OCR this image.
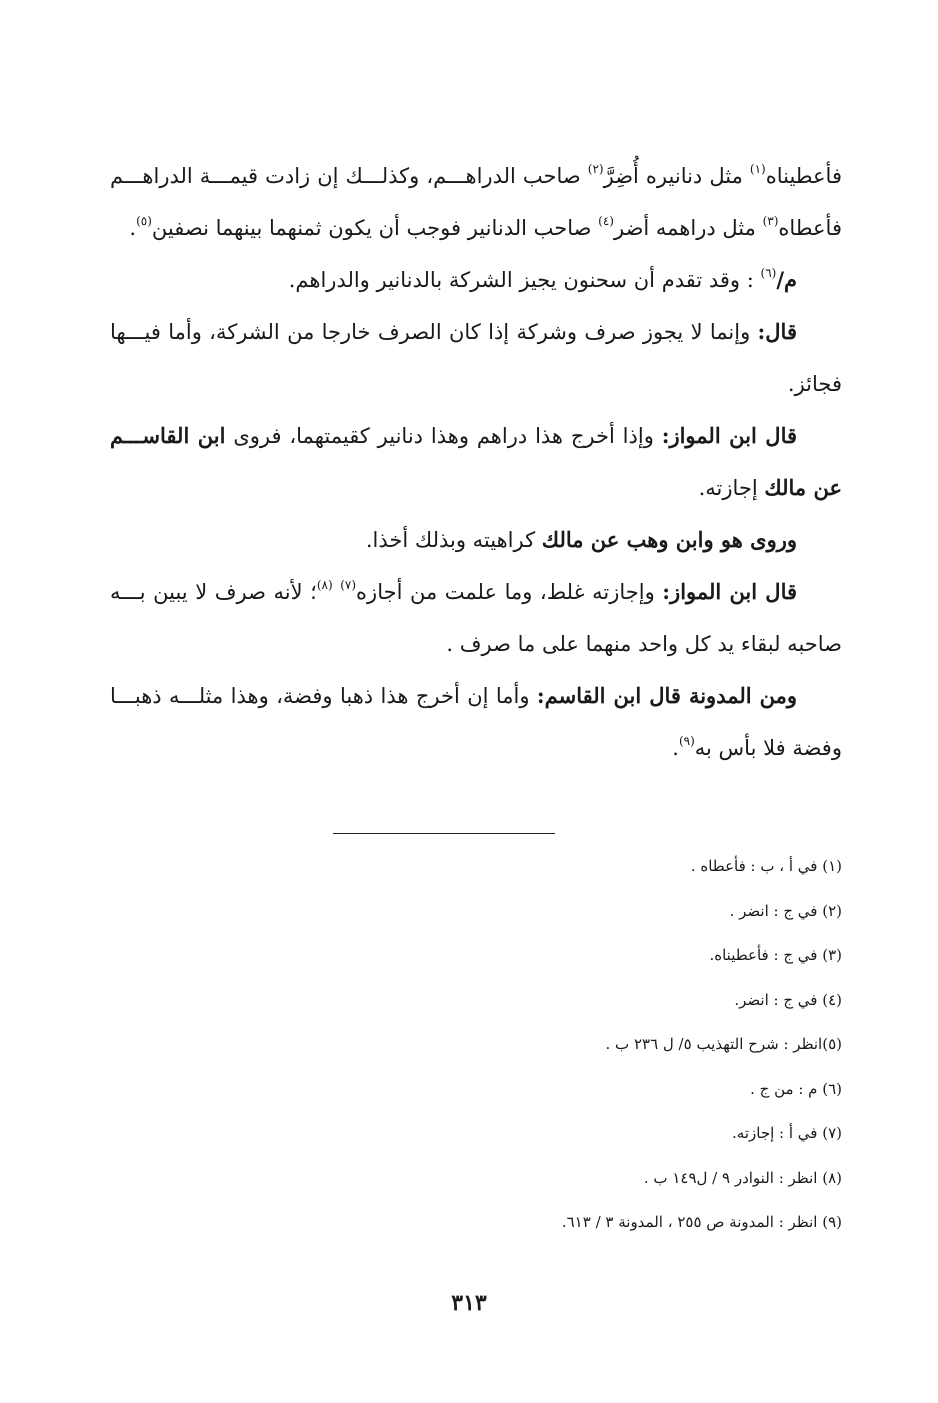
فأعطيناه$^{(١)}$ مثل دنانيره أُضِرَّ$^{(٢)}$ صاحب الدراهـــم، وكذلـــك إن زادت قيمـــة الدراهـــم فأعطاه$^{(٣)}$ مثل دراهمه أضر$^{(٤)}$ صاحب الدنانير فوجب أن يكون ثمنهما بينهما نصفين$^{(٥)}$.

م/$^{(٦)}$ : وقد تقدم أن سحنون يجيز الشركة بالدنانير والدراهم.

قال: وإنما لا يجوز صرف وشركة إذا كان الصرف خارجا من الشركة، وأما فيـــها فجائز.

قال ابن المواز: وإذا أخرج هذا دراهم وهذا دنانير كقيمتهما، فروى ابن القاســـم عن مالك إجازته.

وروى هو وابن وهب عن مالك كراهيته وبذلك أخذا.

قال ابن المواز: وإجازته غلط، وما علمت من أجازه$^{(٧)}$ $^{(٨)}$؛ لأنه صرف لا يبين بـــه صاحبه لبقاء يد كل واحد منهما على ما صرف .

ومن المدونة قال ابن القاسم: وأما إن أخرج هذا ذهبا وفضة، وهذا مثلـــه ذهبـــا وفضة فلا بأس به$^{(٩)}$.

(١) في أ ، ب : فأعطاه .

(٢) في ج : انضر .

(٣) في ج : فأعطيناه.

(٤) في ج : انضر.

(٥)انظر : شرح التهذيب ٥/ ل ٢٣٦ ب .

(٦) م : من ج .

(٧) في أ : إجازته.

(٨) انظر : النوادر ٩ / ل١٤٩ ب .

(٩) انظر : المدونة ص ٢٥٥ ، المدونة ٣ / ٦١٣.

٣١٣
